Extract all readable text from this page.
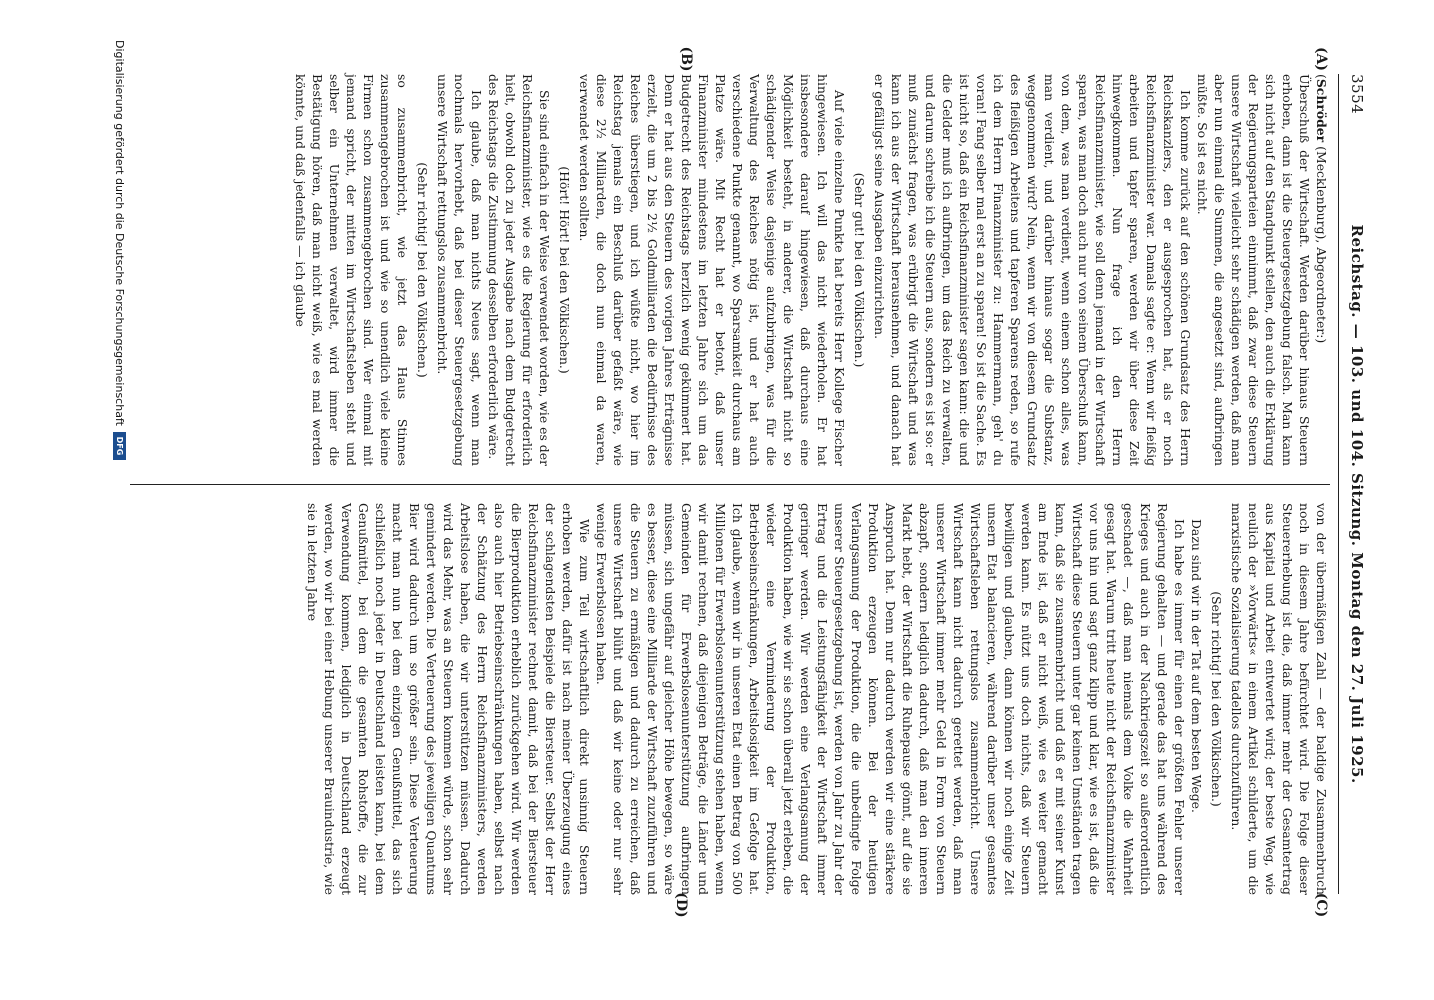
3554
Reichstag. — 103. und 104. Sitzung. Montag den 27. Juli 1925.
(A)
(B)
(C)
(D)

(Schröder (Mecklenburg), Abgeordneter:)

Überschuß der Wirtschaft. Werden darüber hinaus Steuern erhoben, dann ist die Steuergesetzgebung falsch. Man kann sich nicht auf den Standpunkt stellen, den auch die Erklärung der Regierungsparteien einnimmt, daß zwar diese Steuern unsere Wirtschaft vielleicht sehr schädigen werden, daß man aber nun einmal die Summen, die angesetzt sind, aufbringen müßte. So ist es nicht.

Ich komme zurück auf den schönen Grundsatz des Herrn Reichskanzlers, den er ausgesprochen hat, als er noch Reichsfinanzminister war. Damals sagte er: Wenn wir fleißig arbeiten und tapfer sparen, werden wir über diese Zeit hinwegkommen. Nun frage ich den Herrn Reichsfinanzminister, wie soll denn jemand in der Wirtschaft sparen, was man doch auch nur von seinem Überschuß kann, von dem, was man verdient, wenn einem schon alles, was man verdient, und darüber hinaus sogar die Substanz, weggenommen wird? Nein, wenn wir von diesem Grundsatz des fleißigen Arbeitens und tapferen Sparens reden, so rufe ich dem Herrn Finanzminister zu: Hammermann, geh' du voran! Fang selber mal erst an zu sparen! So ist die Sache. Es ist nicht so, daß ein Reichsfinanzminister sagen kann: die und die Gelder muß ich aufbringen, um das Reich zu verwalten, und darum schreibe ich die Steuern aus, sondern es ist so: er muß zunächst fragen, was erübrigt die Wirtschaft und was kann ich aus der Wirtschaft herausnehmen, und danach hat er gefälligst seine Ausgaben einzurichten.

(Sehr gut! bei den Völkischen.)

Auf viele einzelne Punkte hat bereits Herr Kollege Fischer hingewiesen. Ich will das nicht wiederholen. Er hat insbesondere darauf hingewiesen, daß durchaus eine Möglichkeit besteht, in anderer, die Wirtschaft nicht so schädigender Weise dasjenige aufzubringen, was für die Verwaltung des Reiches nötig ist, und er hat auch verschiedene Punkte genannt, wo Sparsamkeit durchaus am Platze wäre. Mit Recht hat er betont, daß unser Finanzminister mindestens im letzten Jahre sich um das Budgetrecht des Reichstags herzlich wenig gekümmert hat. Denn er hat aus den Steuern des vorigen Jahres Erträgnisse erzielt, die um 2 bis 2½ Goldmilliarden die Bedürfnisse des Reiches überstiegen, und ich wüßte nicht, wo hier im Reichstag jemals ein Beschluß darüber gefaßt wäre, wie diese 2½ Milliarden, die doch nun einmal da waren, verwendet werden sollten.

(Hört! Hört! bei den Völkischen.)

Sie sind einfach in der Weise verwendet worden, wie es der Reichsfinanzminister, wie es die Regierung für erforderlich hielt, obwohl doch zu jeder Ausgabe nach dem Budgetrecht des Reichstags die Zustimmung desselben erforderlich wäre.

Ich glaube, daß man nichts Neues sagt, wenn man nochmals hervorhebt, daß bei dieser Steuergesetzgebung unsere Wirtschaft rettungslos zusammenbricht.

(Sehr richtig! bei den Völkischen.)

so zusammenbricht, wie jetzt das Haus Stinnes zusammengebrochen ist und wie so unendlich viele kleine Firmen schon zusammengebrochen sind. Wer einmal mit jemand spricht, der mitten im Wirtschaftsleben steht und selber ein Unternehmen verwaltet, wird immer die Bestätigung hören, daß man nicht weiß, wie es mal werden könnte, und daß jedenfalls — ich glaube

von der übermäßigen Zahl — der baldige Zusammenbruch noch in diesem Jahre befürchtet wird. Die Folge dieser Steuererhebung ist die, daß immer mehr der Gesamtertrag aus Kapital und Arbeit entwertet wird; der beste Weg, wie neulich der »Vorwärts« in einem Artikel schilderte, um die marxistische Sozialisierung tadellos durchzuführen.

(Sehr richtig! bei den Völkischen.)

Dazu sind wir in der Tat auf dem besten Wege.

Ich habe es immer für einen der größten Fehler unserer Regierung gehalten — und gerade das hat uns während des Krieges und auch in der Nachkriegszeit so außerordentlich geschadet —, daß man niemals dem Volke die Wahrheit gesagt hat. Warum tritt heute nicht der Reichsfinanzminister vor uns hin und sagt ganz klipp und klar, wie es ist, daß die Wirtschaft diese Steuern unter gar keinen Umständen tragen kann, daß sie zusammenbricht und daß er mit seiner Kunst am Ende ist, daß er nicht weiß, wie es weiter gemacht werden kann. Es nützt uns doch nichts, daß wir Steuern bewilligen und glauben, dann können wir noch einige Zeit unsern Etat balancieren, während darüber unser gesamtes Wirtschaftsleben rettungslos zusammenbricht. Unsere Wirtschaft kann nicht dadurch gerettet werden, daß man unserer Wirtschaft immer mehr Geld in Form von Steuern abzapft, sondern lediglich dadurch, daß man den inneren Markt hebt, der Wirtschaft die Ruhepause gönnt, auf die sie Anspruch hat. Denn nur dadurch werden wir eine stärkere Produktion erzeugen können. Bei der heutigen Verlangsamung der Produktion, die die unbedingte Folge unserer Steuergesetzgebung ist, werden von Jahr zu Jahr der Ertrag und die Leistungsfähigkeit der Wirtschaft immer geringer werden. Wir werden eine Verlangsamung der Produktion haben, wie wir sie schon überall jetzt erleben, die wieder eine Verminderung der Produktion, Betriebseinschränkungen, Arbeitslosigkeit im Gefolge hat. Ich glaube, wenn wir in unseren Etat einen Betrag von 500 Millionen für Erwerbslosenunterstützung stehen haben, wenn wir damit rechnen, daß diejenigen Beträge, die Länder und Gemeinden für Erwerbslosenunterstützung aufbringen müssen, sich ungefähr auf gleicher Höhe bewegen, so wäre es besser, diese eine Milliarde der Wirtschaft zuzuführen und die Steuern zu ermäßigen und dadurch zu erreichen, daß unsere Wirtschaft blüht und daß wir keine oder nur sehr wenige Erwerbslosen haben.

Wie zum Teil wirtschaftlich direkt unsinnig Steuern erhoben werden, dafür ist nach meiner Überzeugung eines der schlagendsten Beispiele die Biersteuer. Selbst der Herr Reichsfinanzminister rechnet damit, daß bei der Biersteuer die Bierproduktion erheblich zurückgehen wird. Wir werden also auch hier Betriebseinschränkungen haben, selbst nach der Schätzung des Herrn Reichsfinanzministers, werden Arbeitslose haben, die wir unterstützen müssen. Dadurch wird das Mehr, was an Steuern kommen würde, schon sehr gemindert werden. Die Verteuerung des jeweiligen Quantums Bier wird dadurch um so größer sein. Diese Verteuerung macht man nun bei dem einzigen Genußmittel, das sich schließlich noch jeder in Deutschland leisten kann, bei dem Genußmittel, bei dem die gesamten Rohstoffe, die zur Verwendung kommen, lediglich in Deutschland erzeugt werden, wo wir bei einer Hebung unserer Brauindustrie, wie sie in letzten Jahre

Digitalisierung gefördert durch die Deutsche Forschungsgemeinschaft
DFG
